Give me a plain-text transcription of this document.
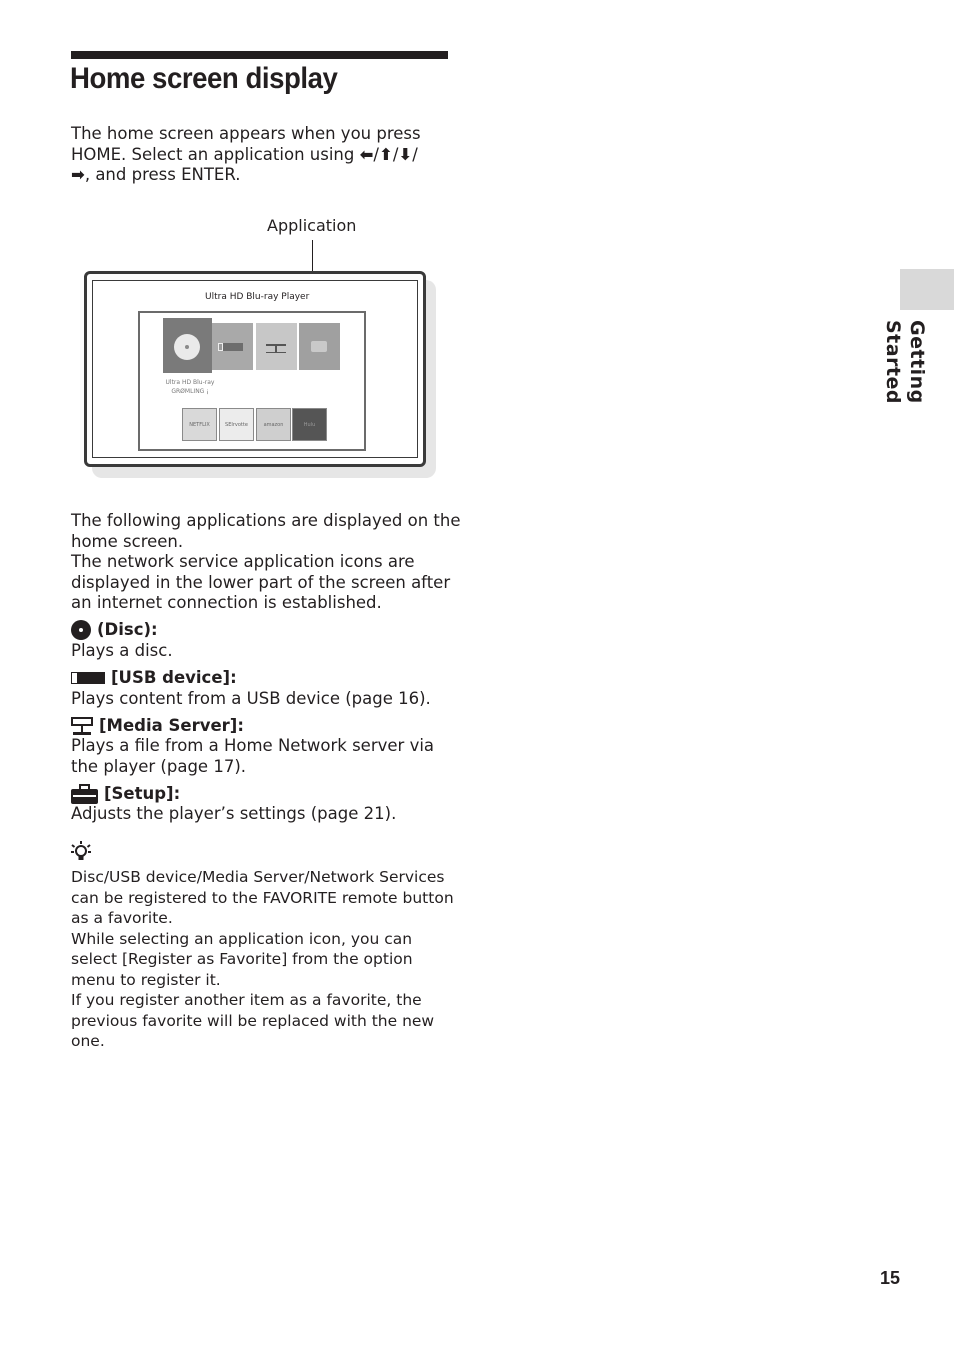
Home screen display
The home screen appears when you press HOME. Select an application using ⬅/⬆/⬇/
➡, and press ENTER.
Application
Ultra HD Blu-ray Player
Ultra HD Blu-ray
GRØMLING ¡
NETFLIX	SEIrvotte	amazon	Hulu
The following applications are displayed on the home screen.
The network service application icons are displayed in the lower part of the screen after an internet connection is established.
(Disc):
Plays a disc.
[USB device]:
Plays content from a USB device (page 16).
[Media Server]:
Plays a file from a Home Network server via the player (page 17).
[Setup]:
Adjusts the player’s settings (page 21).
Disc/USB device/Media Server/Network Services can be registered to the FAVORITE remote button as a favorite.
While selecting an application icon, you can select [Register as Favorite] from the option menu to register it.
If you register another item as a favorite, the previous favorite will be replaced with the new one.
Getting Started
15
